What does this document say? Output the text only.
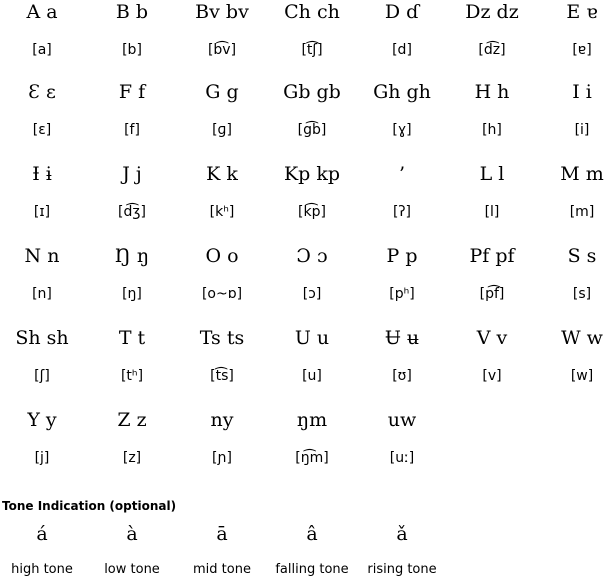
A a
[a]
B b
[b]
Bv bv
[b͡v]
Ch ch
[t͡ʃ]
D ɗ
[d]
Dz dz
[d͡z]
E ɐ
[ɐ]
Ɛ ɛ
[ɛ]
F f
[f]
G g
[ɡ]
Gb gb
[g͡b]
Gh gh
[ɣ]
H h
[h]
I i
[i]
Ɨ ɨ
[ɪ]
J j
[d͡ʒ]
K k
[kʰ]
Kp kp
[k͡p]
’
[ʔ]
L l
[l]
M m
[m]
N n
[n]
Ŋ ŋ
[ŋ]
O o
[o~ɒ]
Ɔ ɔ
[ɔ]
P p
[pʰ]
Pf pf
[p͡f]
S s
[s]
Sh sh
[ʃ]
T t
[tʰ]
Ts ts
[t͡s]
U u
[u]
Ʉ ʉ
[ʊ]
V v
[v]
W w
[w]
Y y
[j]
Z z
[z]
ny
[ɲ]
ŋm
[ŋ͡m]
uw
[uː]
Tone Indication (optional)
á
high tone
à
low tone
ā
mid tone
â
falling tone
ǎ
rising tone
